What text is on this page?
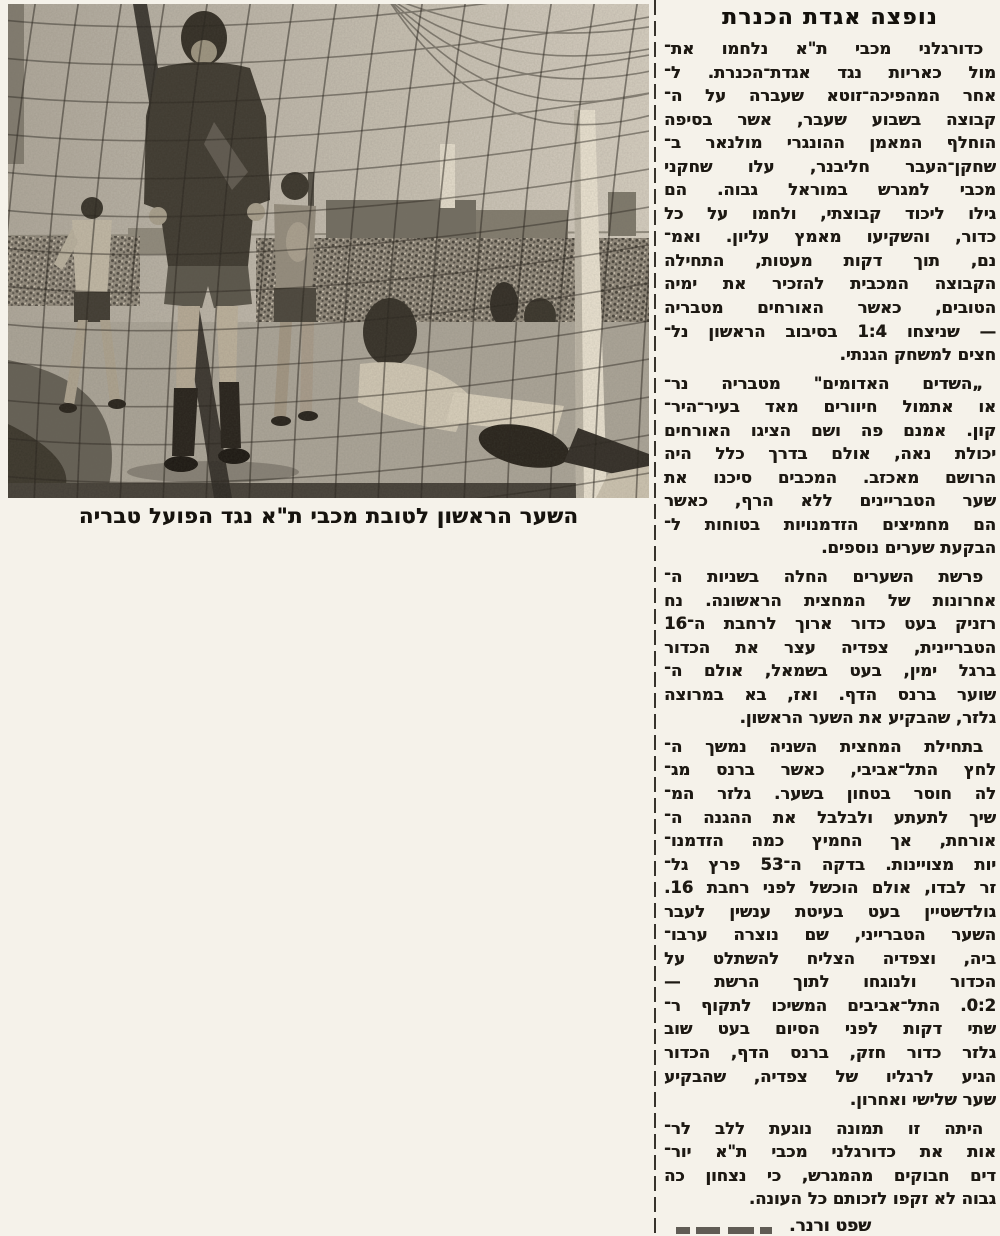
השער הראשון לטובת מכבי ת"א נגד הפועל טבריה
נופצה אגדת הכנרת
כדורגלני מכבי ת"א נלחמו את־
מול כאריות נגד אגדת־הכנרת. ל־
אחר המהפיכה־זוטא שעברה על ה־
קבוצה בשבוע שעבר, אשר בסיפה
הוחלף המאמן ההונגרי מולנאר ב־
שחקן־העבר חליבנר, עלו שחקני
מכבי למגרש במוראל גבוה. הם
גילו ליכוד קבוצתי, ולחמו על כל
כדור, והשקיעו מאמץ עליון. ואמ־
נם, תוך דקות מעטות, התחילה
הקבוצה המכבית להזכיר את ימיה
הטובים, כאשר האורחים מטבריה
— שניצחו 1:4 בסיבוב הראשון נל־
חצים למשחק הגנתי.
„השדים האדומים" מטבריה נר־
או אתמול חיוורים מאד בעיר־היר־
קון. אמנם פה ושם הציגו האורחים
יכולת נאה, אולם בדרך כלל היה
הרושם מאכזב. המכבים סיכנו את
שער הטבריינים ללא הרף, כאשר
הם מחמיצים הזדמנויות בטוחות ל־
הבקעת שערים נוספים.
פרשת השערים החלה בשניות ה־
אחרונות של המחצית הראשונה. נח
רזניק בעט כדור ארוך לרחבת ה־16
הטבריינית, צפדיה עצר את הכדור
ברגל ימין, בעט בשמאל, אולם ה־
שוער ברנס הדף. ואז, בא במרוצה
גלזר, שהבקיע את השער הראשון.
בתחילת המחצית השניה נמשך ה־
לחץ התל־אביבי, כאשר ברנס מג־
לה חוסר בטחון בשער. גלזר המ־
שיך לתעתע ולבלבל את ההגנה ה־
אורחת, אך החמיץ כמה הזדמנו־
יות מצויינות. בדקה ה־53 פרץ גל־
זר לבדו, אולם הוכשל לפני רחבת 16.
גולדשטיין בעט בעיטת ענשין לעבר
השער הטברייני, שם נוצרה ערבו־
ביה, וצפדיה הצליח להשתלט על
הכדור ולנוגחו לתוך הרשת —
0:2. התל־אביבים המשיכו לתקוף ר־
שתי דקות לפני הסיום בעט שוב
גלזר כדור חזק, ברנס הדף, הכדור
הגיע לרגליו של צפדיה, שהבקיע
שער שלישי ואחרון.
היתה זו תמונה נוגעת ללב לר־
אות את כדורגלני מכבי ת"א יור־
דים חבוקים מהמגרש, כי נצחון כה
גבוה לא זקפו לזכותם כל העונה.
שפט ורנר.
